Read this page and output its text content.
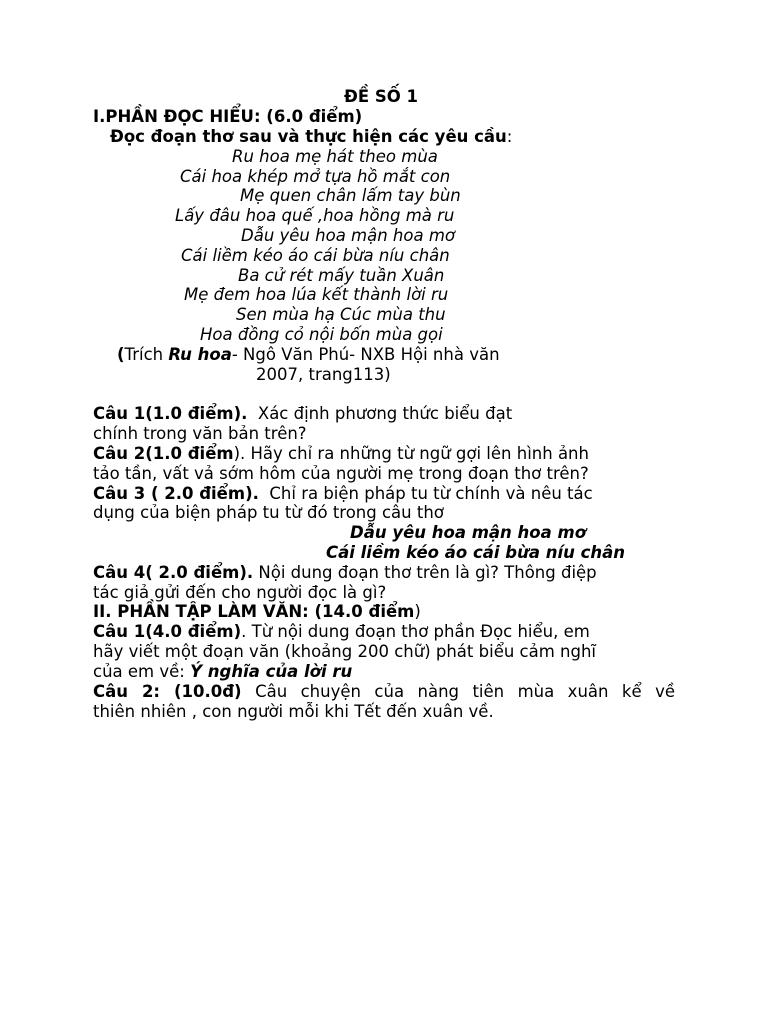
ĐỀ SỐ 1
I.PHẦN ĐỌC HIỂU: (6.0 điểm)
Đọc đoạn thơ sau và thực hiện các yêu cầu:
Ru hoa mẹ hát theo mùa
Cái hoa khép mở tựa hồ mắt con
Mẹ quen chân lấm tay bùn
Lấy đâu hoa quế ,hoa hồng mà ru
Dẫu yêu hoa mận hoa mơ
Cái liềm kéo áo cái bừa níu chân
Ba cử rét mấy tuần Xuân
Mẹ đem hoa lúa kết thành lời ru
Sen mùa hạ Cúc mùa thu
Hoa đồng cỏ nội bốn mùa gọi
(Trích Ru hoa- Ngô Văn Phú- NXB Hội nhà văn
2007, trang113)
Câu 1(1.0 điểm). Xác định phương thức biểu đạt
chính trong văn bản trên?
Câu 2(1.0 điểm). Hãy chỉ ra những từ ngữ gợi lên hình ảnh
tảo tần, vất vả sớm hôm của người mẹ trong đoạn thơ trên?
Câu 3 ( 2.0 điểm). Chỉ ra biện pháp tu từ chính và nêu tác
dụng của biện pháp tu từ đó trong câu thơ
Dẫu yêu hoa mận hoa mơ
Cái liềm kéo áo cái bừa níu chân
Câu 4( 2.0 điểm). Nội dung đoạn thơ trên là gì? Thông điệp
tác giả gửi đến cho người đọc là gì?
II. PHẦN TẬP LÀM VĂN: (14.0 điểm)
Câu 1(4.0 điểm). Từ nội dung đoạn thơ phần Đọc hiểu, em
hãy viết một đoạn văn (khoảng 200 chữ) phát biểu cảm nghĩ
của em về: Ý nghĩa của lời ru
Câu 2: (10.0đ) Câu chuyện của nàng tiên mùa xuân kể về
thiên nhiên , con người mỗi khi Tết đến xuân về.
